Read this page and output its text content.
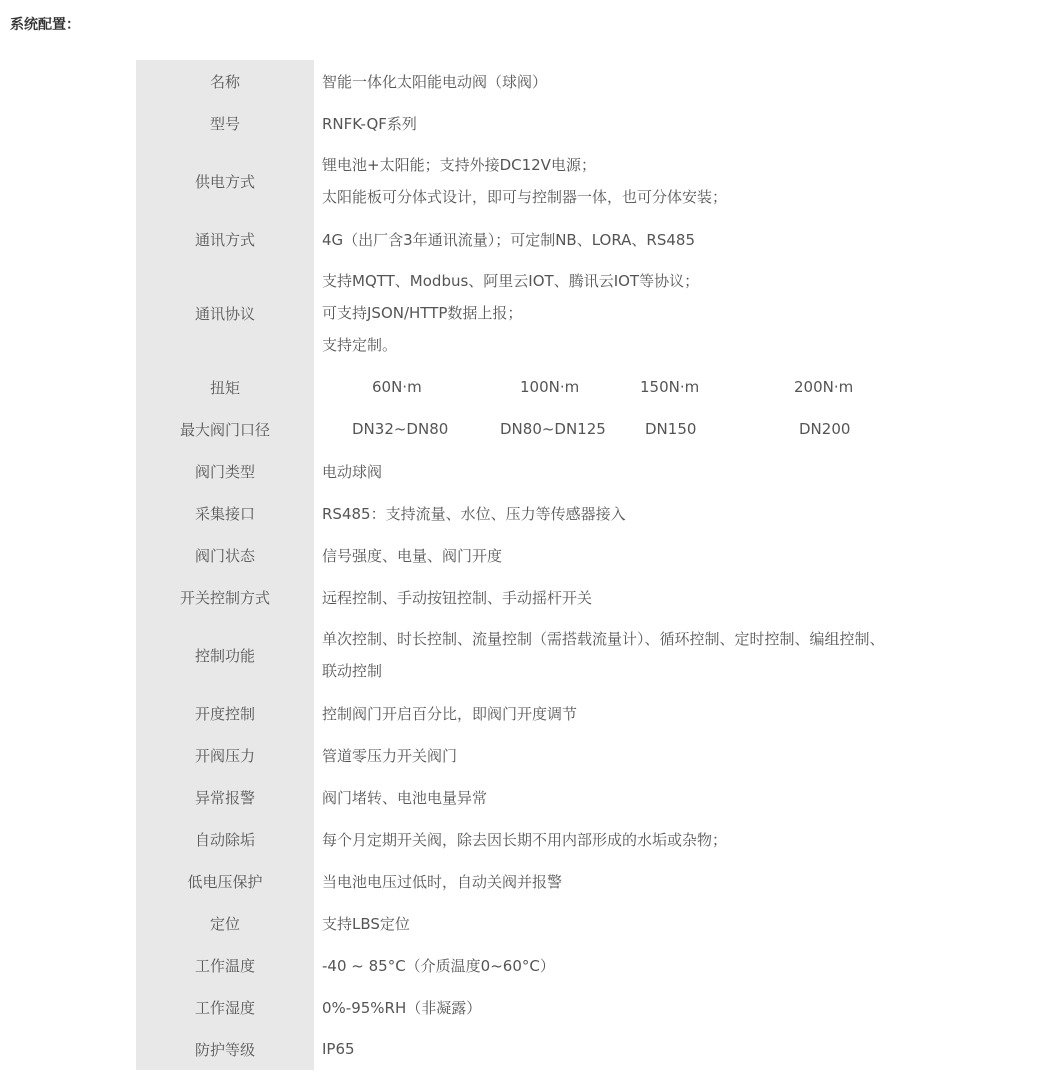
系统配置：
名称	智能一体化太阳能电动阀（球阀）
型号	RNFK-QF系列
供电方式	锂电池+太阳能；支持外接DC12V电源；
太阳能板可分体式设计，即可与控制器一体，也可分体安装；

通讯方式	4G（出厂含3年通讯流量）；可定制NB、LORA、RS485
通讯协议	支持MQTT、Modbus、阿里云IOT、腾讯云IOT等协议；
可支持JSON/HTTP数据上报；
支持定制。

扭矩	60N·m 100N·m 150N·m 200N·m

最大阀门口径	DN32~DN80 DN80~DN125 DN150 DN200

阀门类型	电动球阀
采集接口	RS485：支持流量、水位、压力等传感器接入
阀门状态	信号强度、电量、阀门开度
开关控制方式	远程控制、手动按钮控制、手动摇杆开关
控制功能	单次控制、时长控制、流量控制（需搭载流量计）、循环控制、定时控制、编组控制、
联动控制

开度控制	控制阀门开启百分比，即阀门开度调节
开阀压力	管道零压力开关阀门
异常报警	阀门堵转、电池电量异常
自动除垢	每个月定期开关阀，除去因长期不用内部形成的水垢或杂物；
低电压保护	当电池电压过低时，自动关阀并报警
定位	支持LBS定位
工作温度	-40 ~ 85°C（介质温度0~60°C）
工作湿度	0%-95%RH（非凝露）
防护等级	IP65
